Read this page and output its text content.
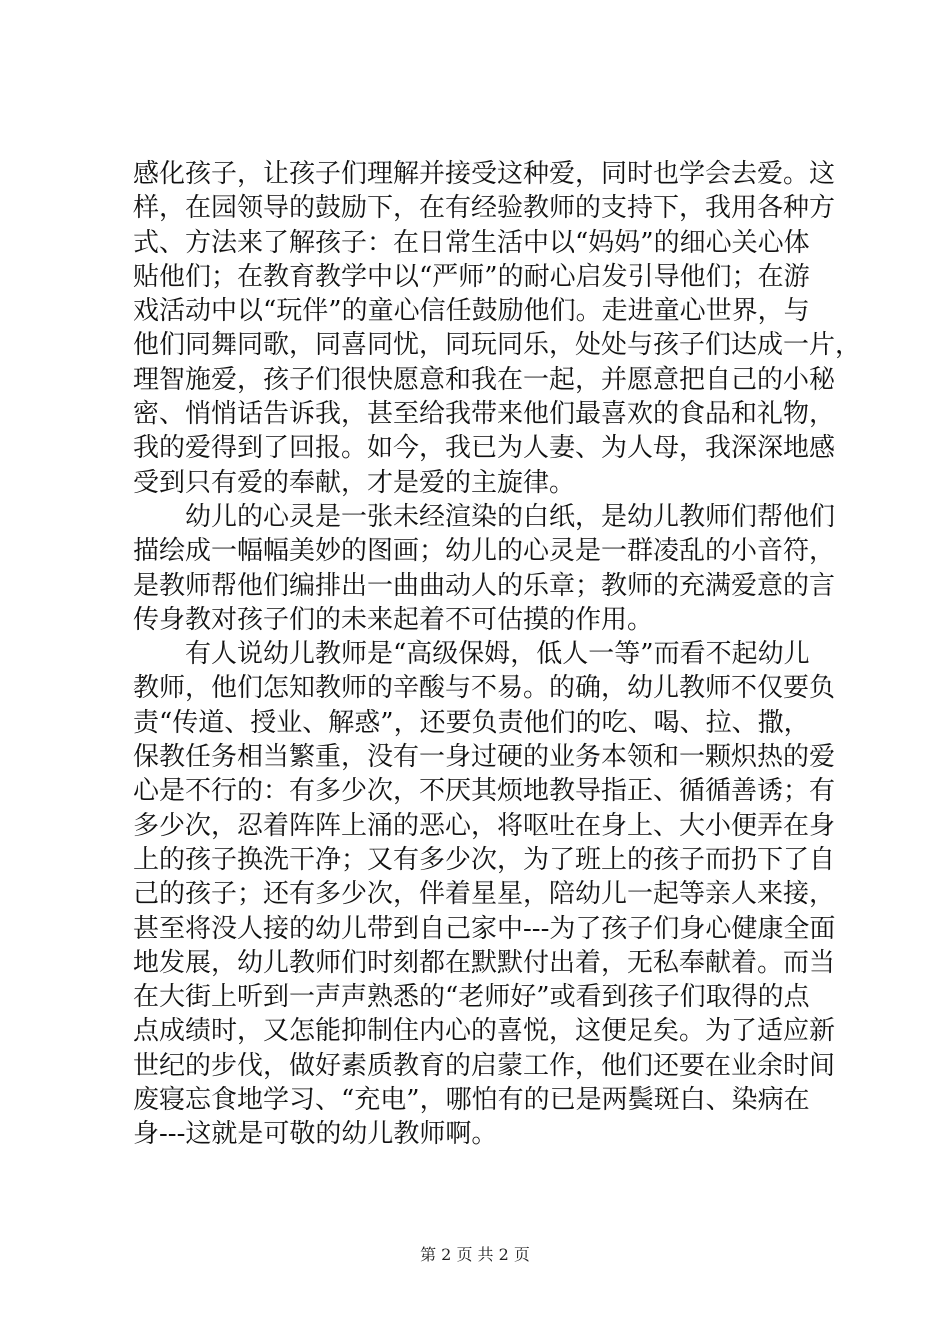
感化孩子，让孩子们理解并接受这种爱，同时也学会去爱。这
样，在园领导的鼓励下，在有经验教师的支持下，我用各种方
式、方法来了解孩子：在日常生活中以“妈妈”的细心关心体
贴他们；在教育教学中以“严师”的耐心启发引导他们；在游
戏活动中以“玩伴”的童心信任鼓励他们。走进童心世界，与
他们同舞同歌，同喜同忧，同玩同乐，处处与孩子们达成一片，
理智施爱，孩子们很快愿意和我在一起，并愿意把自己的小秘
密、悄悄话告诉我，甚至给我带来他们最喜欢的食品和礼物，
我的爱得到了回报。如今，我已为人妻、为人母，我深深地感
受到只有爱的奉献，才是爱的主旋律。
　　幼儿的心灵是一张未经渲染的白纸，是幼儿教师们帮他们
描绘成一幅幅美妙的图画；幼儿的心灵是一群凌乱的小音符，
是教师帮他们编排出一曲曲动人的乐章；教师的充满爱意的言
传身教对孩子们的未来起着不可估摸的作用。
　　有人说幼儿教师是“高级保姆，低人一等”而看不起幼儿
教师，他们怎知教师的辛酸与不易。的确，幼儿教师不仅要负
责“传道、授业、解惑”，还要负责他们的吃、喝、拉、撒，
保教任务相当繁重，没有一身过硬的业务本领和一颗炽热的爱
心是不行的：有多少次，不厌其烦地教导指正、循循善诱；有
多少次，忍着阵阵上涌的恶心，将呕吐在身上、大小便弄在身
上的孩子换洗干净；又有多少次，为了班上的孩子而扔下了自
己的孩子；还有多少次，伴着星星，陪幼儿一起等亲人来接，
甚至将没人接的幼儿带到自己家中---为了孩子们身心健康全面
地发展，幼儿教师们时刻都在默默付出着，无私奉献着。而当
在大街上听到一声声熟悉的“老师好”或看到孩子们取得的点
点成绩时，又怎能抑制住内心的喜悦，这便足矣。为了适应新
世纪的步伐，做好素质教育的启蒙工作，他们还要在业余时间
废寝忘食地学习、“充电”，哪怕有的已是两鬓斑白、染病在
身---这就是可敬的幼儿教师啊。
第 2 页 共 2 页
